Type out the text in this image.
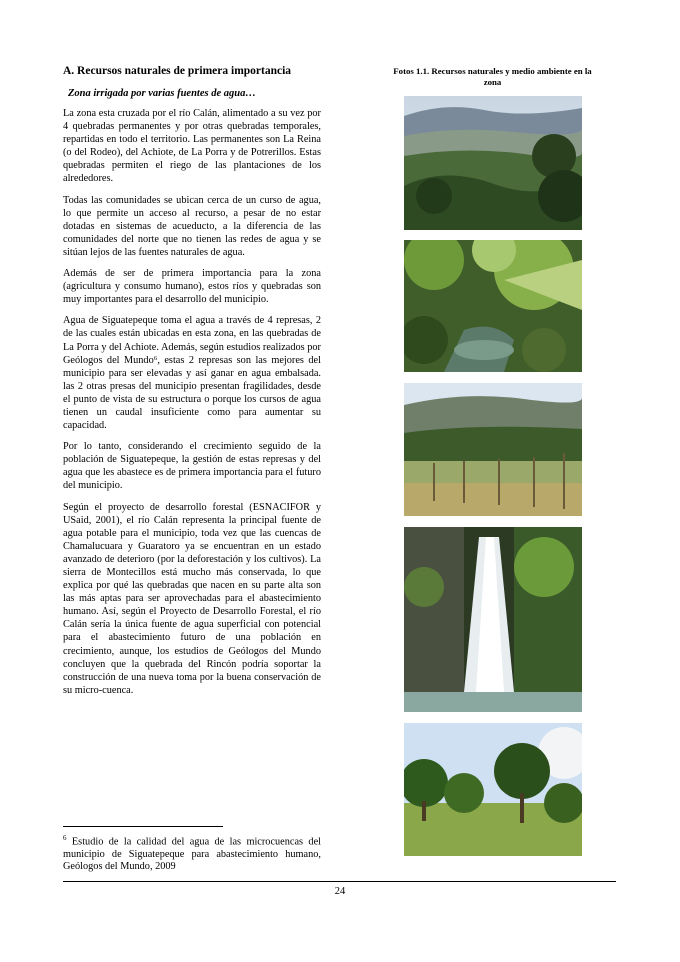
A. Recursos naturales de primera importancia
Zona irrigada por varias fuentes de agua…

La zona esta cruzada por el río Calán, alimentado a su vez por 4 quebradas permanentes y por otras quebradas temporales, repartidas en todo el territorio. Las permanentes son La Reina (o del Rodeo), del Achiote, de La Porra y de Potrerillos. Estas quebradas permiten el riego de las plantaciones de los alrededores.

Todas las comunidades se ubican cerca de un curso de agua, lo que permite un acceso al recurso, a pesar de no estar dotadas en sistemas de acueducto, a la diferencia de las comunidades del norte que no tienen las redes de agua y se sitúan lejos de las fuentes naturales de agua.

Además de ser de primera importancia para la zona (agricultura y consumo humano), estos ríos y quebradas son muy importantes para el desarrollo del municipio.

Agua de Siguatepeque toma el agua a través de 4 represas, 2 de las cuales están ubicadas en esta zona, en las quebradas de La Porra y del Achiote. Además, según estudios realizados por Geólogos del Mundo⁶, estas 2 represas son las mejores del municipio para ser elevadas y así ganar en agua embalsada. las 2 otras presas del municipio presentan fragilidades, desde el punto de vista de su estructura o porque los cursos de agua tienen un caudal insuficiente como para aumentar su capacidad.

Por lo tanto, considerando el crecimiento seguido de la población de Siguatepeque, la gestión de estas represas y del agua que les abastece es de primera importancia para el futuro del municipio.

Según el proyecto de desarrollo forestal (ESNACIFOR y USaid, 2001), el río Calán representa la principal fuente de agua potable para el municipio, toda vez que las cuencas de Chamalucuara y Guaratoro ya se encuentran en un estado avanzado de deterioro (por la deforestación y los cultivos). La sierra de Montecillos está mucho más conservada, lo que explica por qué las quebradas que nacen en su parte alta son las más aptas para ser aprovechadas para el abastecimiento humano. Así, según el Proyecto de Desarrollo Forestal, el río Calán sería la única fuente de agua superficial con potencial para el abastecimiento futuro de una población en crecimiento, aunque, los estudios de Geólogos del Mundo concluyen que la quebrada del Rincón podría soportar la construcción de una nueva toma por la buena conservación de su micro-cuenca.

$^6$ Estudio de la calidad del agua de las microcuencas del municipio de Siguatepeque para abastecimiento humano, Geólogos del Mundo, 2009

Fotos 1.1. Recursos naturales y medio ambiente en la zona

24
